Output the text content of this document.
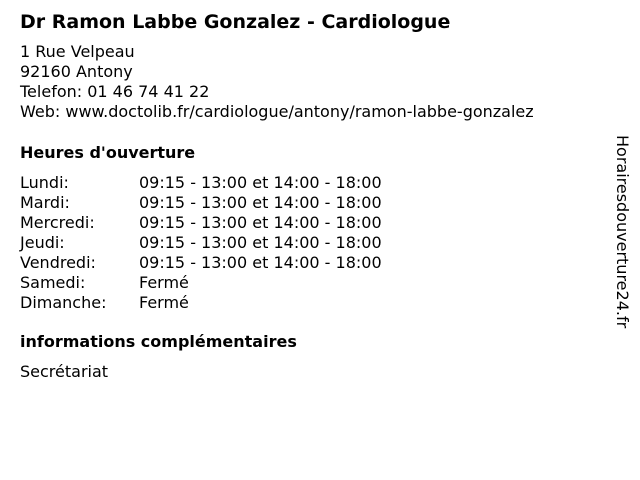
Dr Ramon Labbe Gonzalez - Cardiologue
1 Rue Velpeau
92160 Antony
Telefon: 01 46 74 41 22
Web: www.doctolib.fr/cardiologue/antony/ramon-labbe-gonzalez
Heures d'ouverture
Lundi:	09:15 - 13:00 et 14:00 - 18:00
Mardi:	09:15 - 13:00 et 14:00 - 18:00
Mercredi:	09:15 - 13:00 et 14:00 - 18:00
Jeudi:	09:15 - 13:00 et 14:00 - 18:00
Vendredi:	09:15 - 13:00 et 14:00 - 18:00
Samedi:	Fermé
Dimanche:	Fermé
informations complémentaires
Secrétariat
Horairesdouverture24.fr
